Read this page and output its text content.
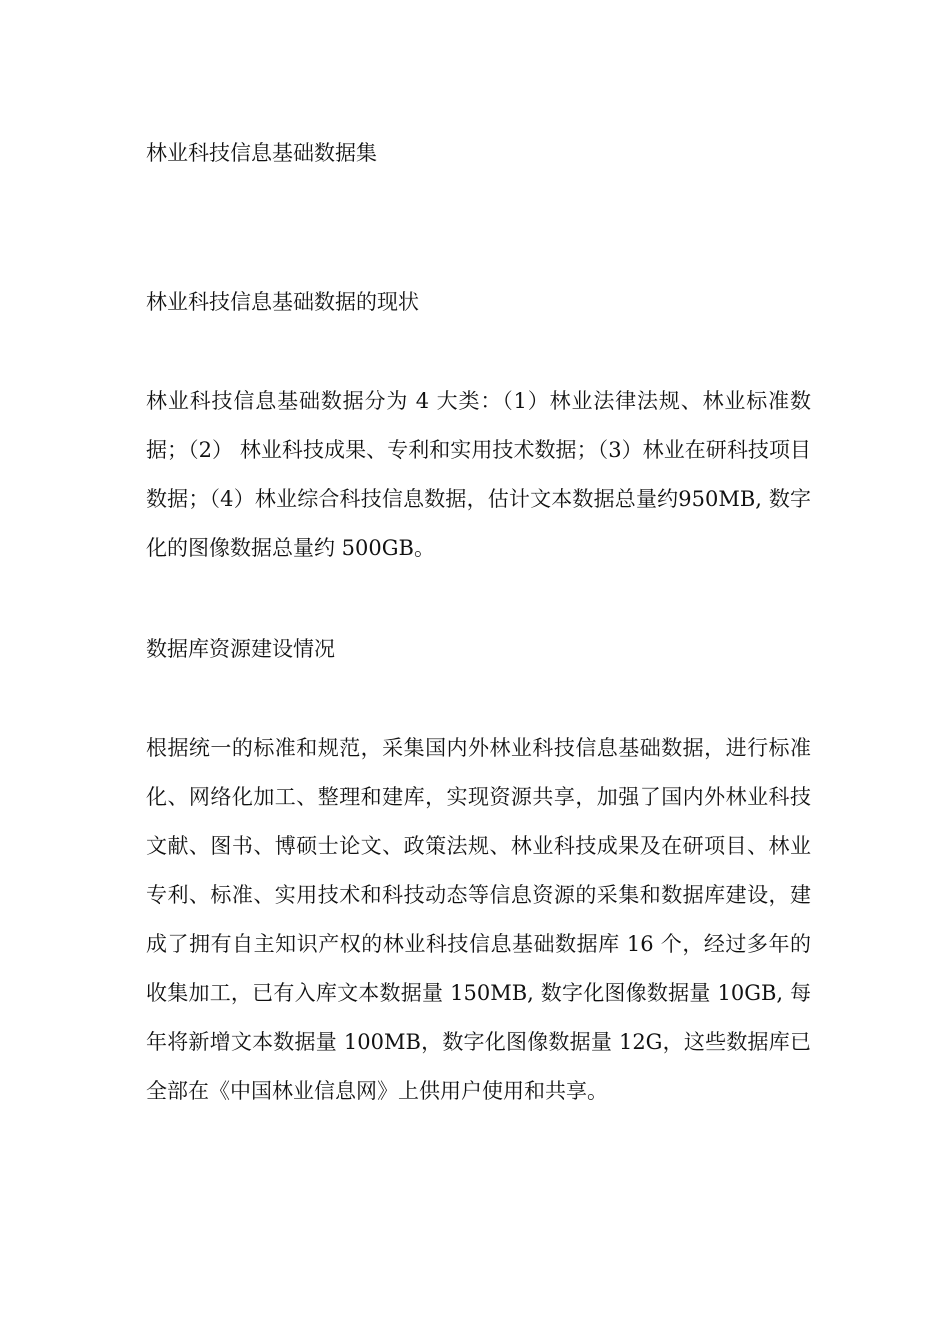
林业科技信息基础数据集

林业科技信息基础数据的现状

林业科技信息基础数据分为 4 大类：（1）林业法律法规、林业标准数据；（2） 林业科技成果、专利和实用技术数据；（3）林业在研科技项目数据；（4）林业综合科技信息数据，估计文本数据总量约950MB, 数字化的图像数据总量约 500GB。

数据库资源建设情况

根据统一的标准和规范，采集国内外林业科技信息基础数据，进行标准化、网络化加工、整理和建库，实现资源共享，加强了国内外林业科技文献、图书、博硕士论文、政策法规、林业科技成果及在研项目、林业专利、标准、实用技术和科技动态等信息资源的采集和数据库建设，建成了拥有自主知识产权的林业科技信息基础数据库 16 个，经过多年的收集加工，已有入库文本数据量 150MB, 数字化图像数据量 10GB, 每年将新增文本数据量 100MB，数字化图像数据量 12G，这些数据库已全部在《中国林业信息网》上供用户使用和共享。
